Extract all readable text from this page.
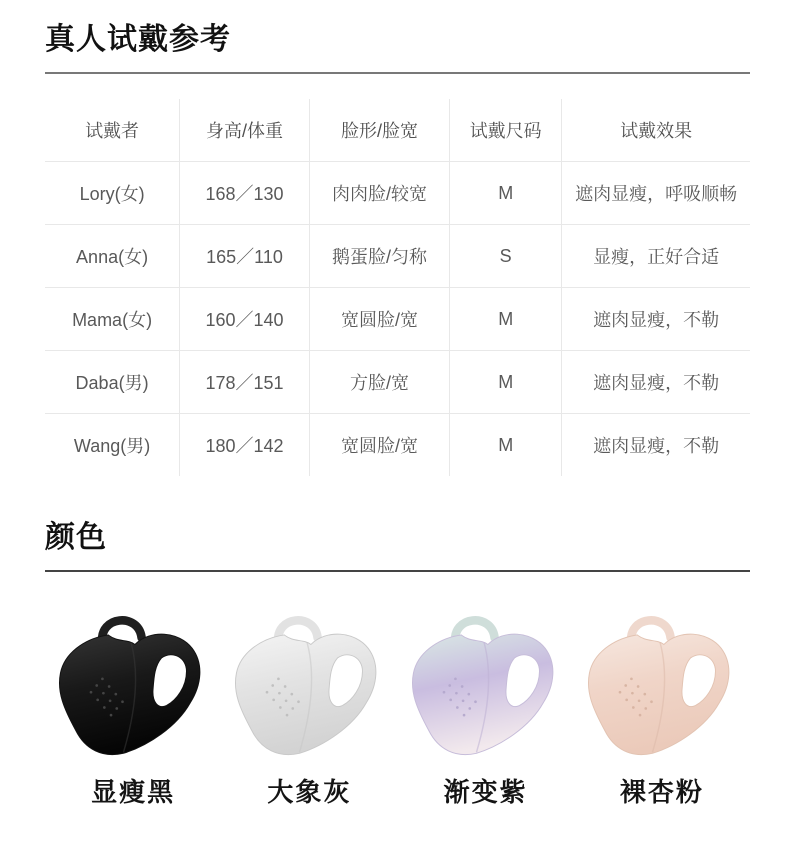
真人试戴参考
试戴者	身高/体重	脸形/脸宽	试戴尺码	试戴效果
Lory(女)	168／130	肉肉脸/较宽	M	遮肉显瘦，呼吸顺畅
Anna(女)	165／110	鹅蛋脸/匀称	S	显瘦，正好合适
Mama(女)	160／140	宽圆脸/宽	M	遮肉显瘦，不勒
Daba(男)	178／151	方脸/宽	M	遮肉显瘦，不勒
Wang(男)	180／142	宽圆脸/宽	M	遮肉显瘦，不勒
颜色
显瘦黑	大象灰	渐变紫	裸杏粉
